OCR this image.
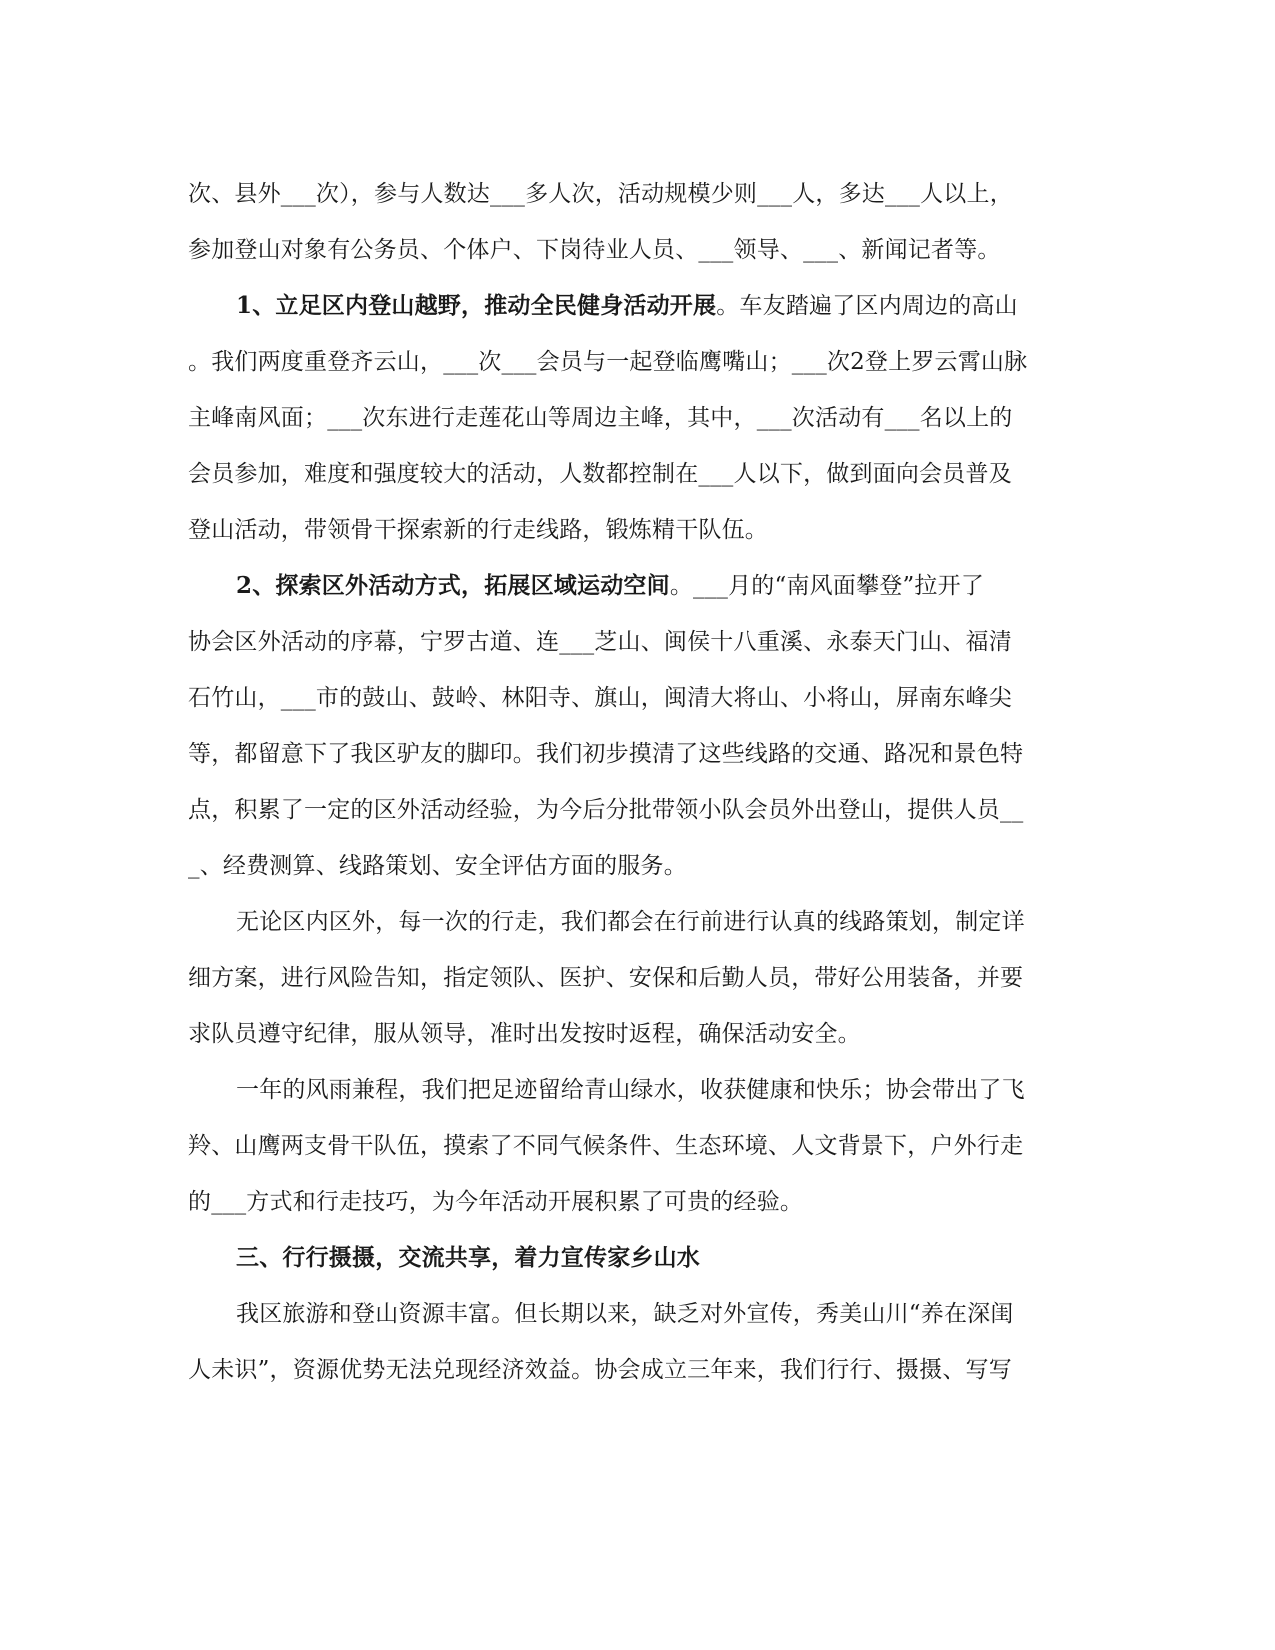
次、县外___次），参与人数达___多人次，活动规模少则___人，多达___人以上，
参加登山对象有公务员、个体户、下岗待业人员、___领导、___、新闻记者等。
1、立足区内登山越野，推动全民健身活动开展。车友踏遍了区内周边的高山
。我们两度重登齐云山，___次___会员与一起登临鹰嘴山；___次2登上罗云霄山脉
主峰南风面；___次东进行走莲花山等周边主峰，其中，___次活动有___名以上的
会员参加，难度和强度较大的活动，人数都控制在___人以下，做到面向会员普及
登山活动，带领骨干探索新的行走线路，锻炼精干队伍。
2、探索区外活动方式，拓展区域运动空间。___月的“南风面攀登”拉开了
协会区外活动的序幕，宁罗古道、连___芝山、闽侯十八重溪、永泰天门山、福清
石竹山，___市的鼓山、鼓岭、林阳寺、旗山，闽清大将山、小将山，屏南东峰尖
等，都留意下了我区驴友的脚印。我们初步摸清了这些线路的交通、路况和景色特
点，积累了一定的区外活动经验，为今后分批带领小队会员外出登山，提供人员__
_、经费测算、线路策划、安全评估方面的服务。
无论区内区外，每一次的行走，我们都会在行前进行认真的线路策划，制定详
细方案，进行风险告知，指定领队、医护、安保和后勤人员，带好公用装备，并要
求队员遵守纪律，服从领导，准时出发按时返程，确保活动安全。
一年的风雨兼程，我们把足迹留给青山绿水，收获健康和快乐；协会带出了飞
羚、山鹰两支骨干队伍，摸索了不同气候条件、生态环境、人文背景下，户外行走
的___方式和行走技巧，为今年活动开展积累了可贵的经验。
三、行行摄摄，交流共享，着力宣传家乡山水
我区旅游和登山资源丰富。但长期以来，缺乏对外宣传，秀美山川“养在深闺
人未识”，资源优势无法兑现经济效益。协会成立三年来，我们行行、摄摄、写写
